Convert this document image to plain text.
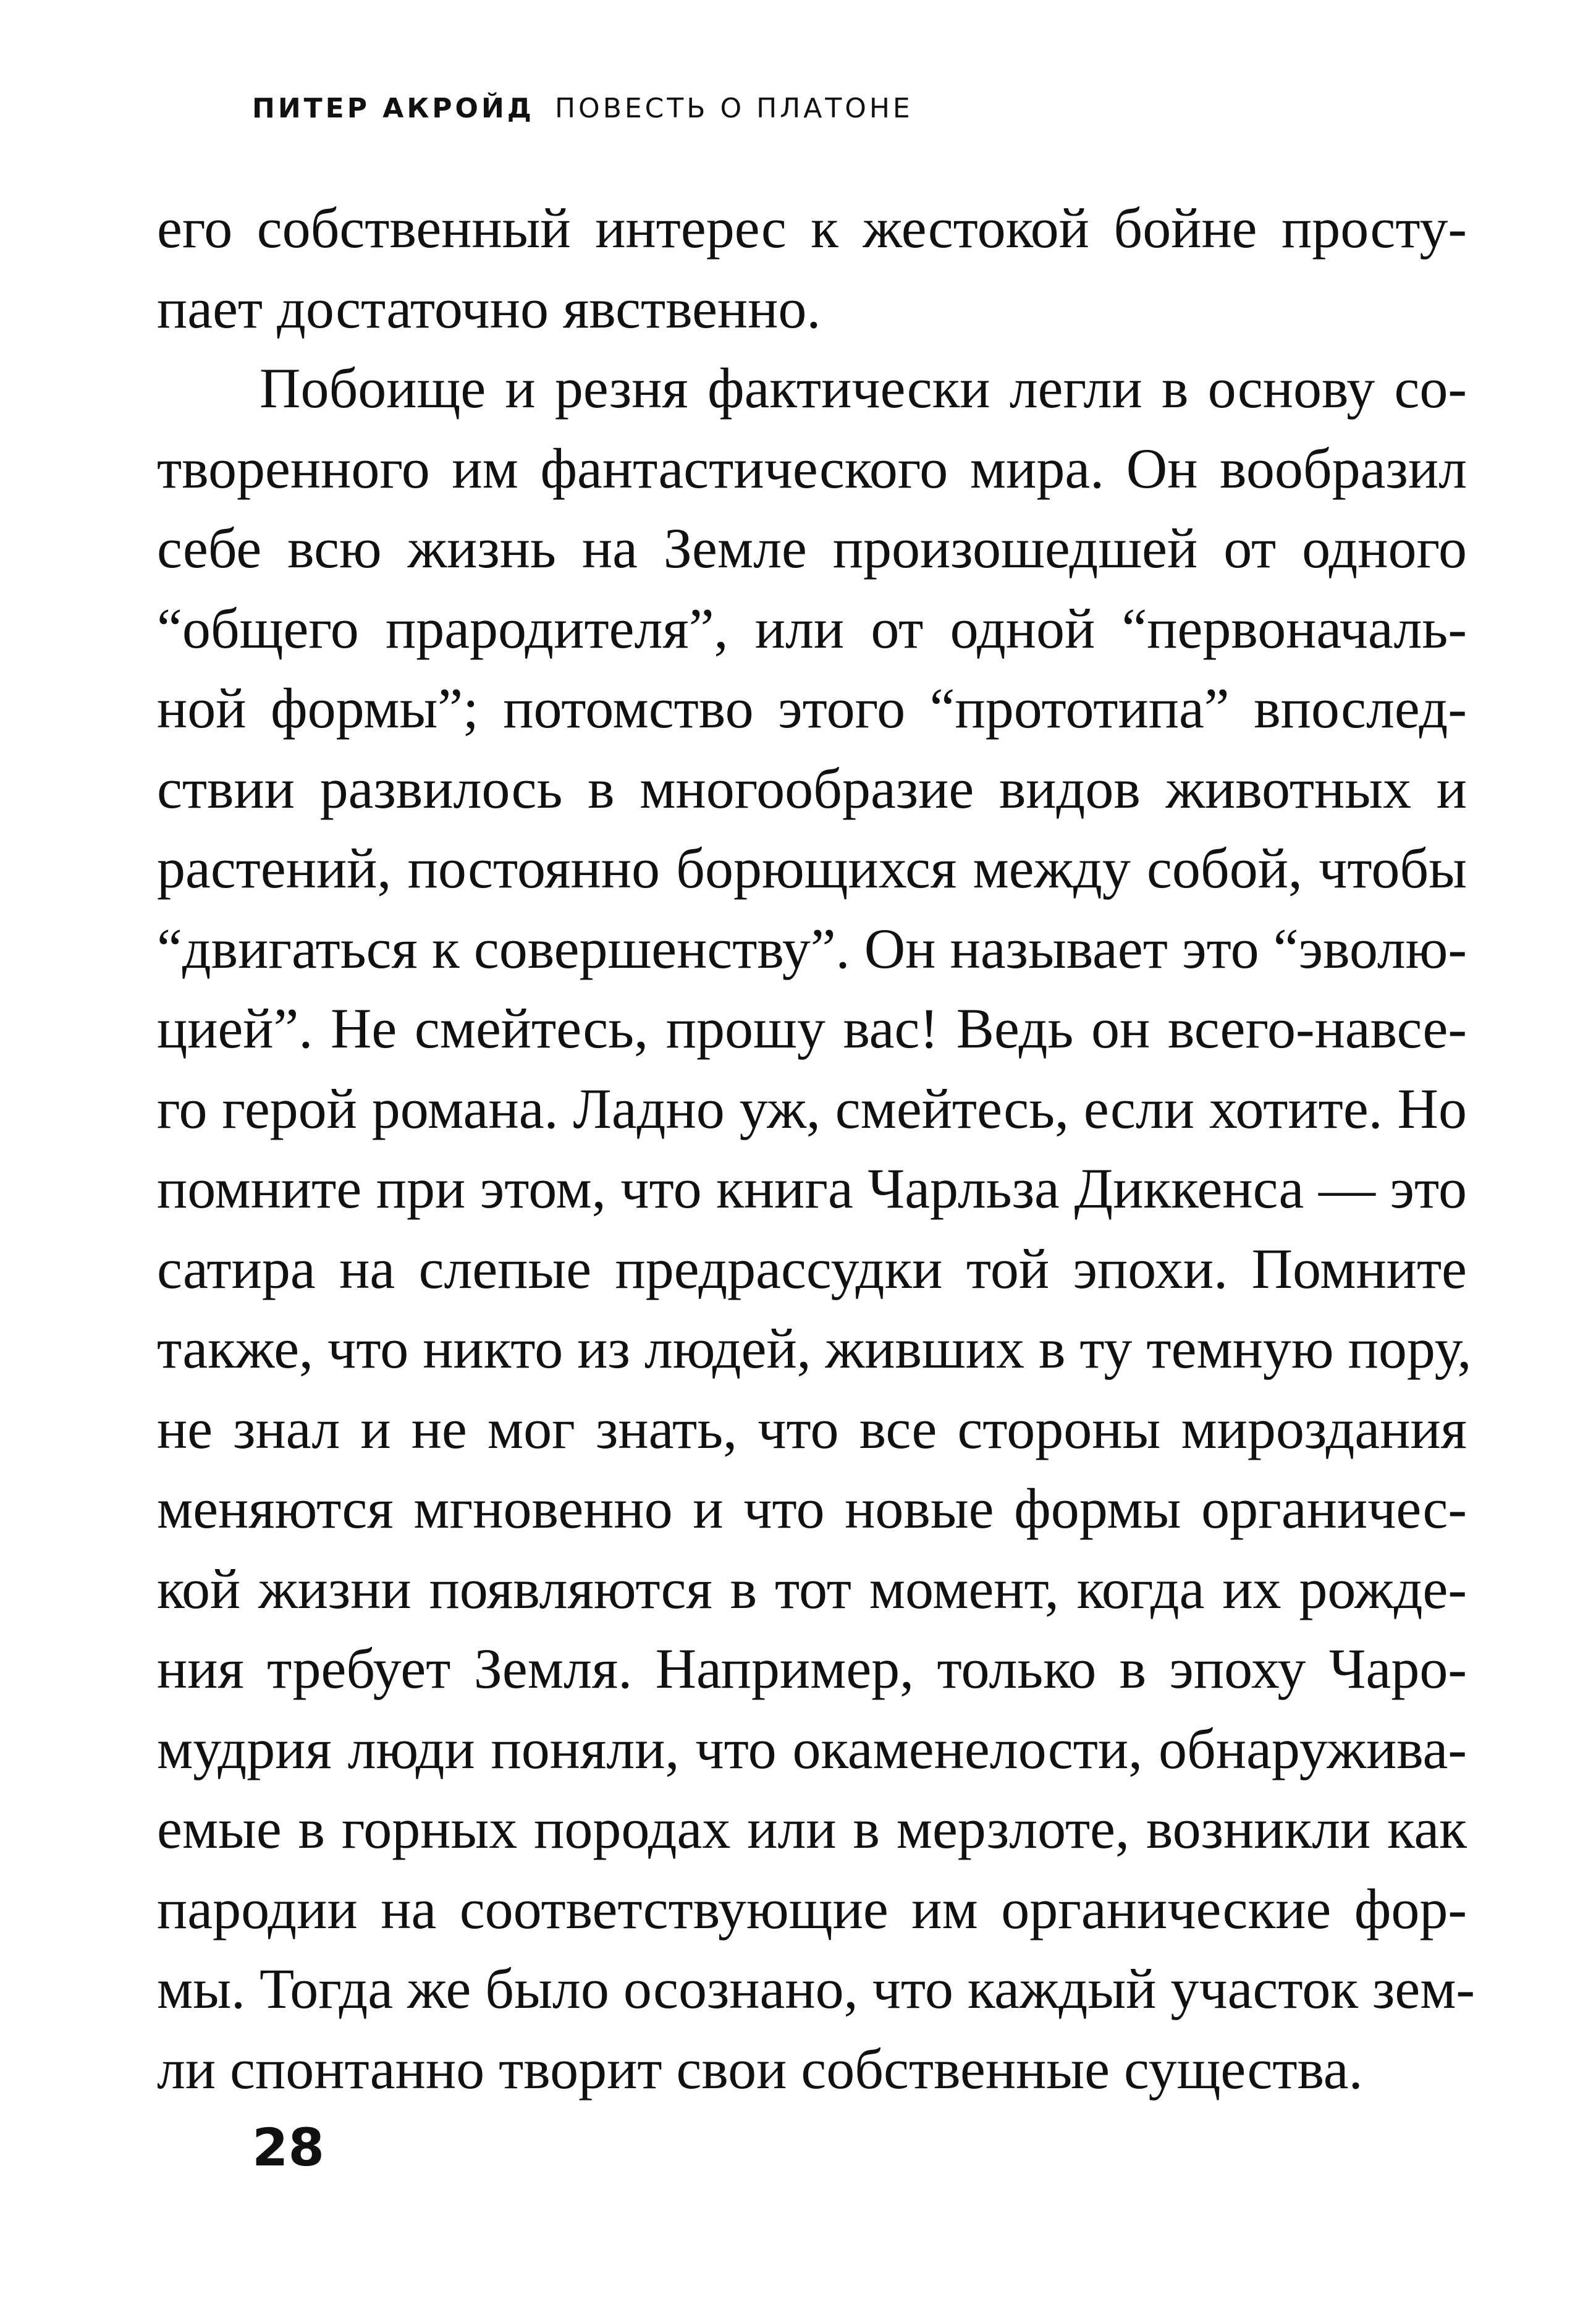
ПИТЕР АКРОЙД ПОВЕСТЬ О ПЛАТОНЕ
его собственный интерес к жестокой бойне просту-
пает достаточно явственно.
Побоище и резня фактически легли в основу со-
творенного им фантастического мира. Он вообразил
себе всю жизнь на Земле произошедшей от одного
“общего прародителя”, или от одной “первоначаль-
ной формы”; потомство этого “прототипа” впослед-
ствии развилось в многообразие видов животных и
растений, постоянно борющихся между собой, чтобы
“двигаться к совершенству”. Он называет это “эволю-
цией”. Не смейтесь, прошу вас! Ведь он всего-навсе-
го герой романа. Ладно уж, смейтесь, если хотите. Но
помните при этом, что книга Чарльза Диккенса — это
сатира на слепые предрассудки той эпохи. Помните
также, что никто из людей, живших в ту темную пору,
не знал и не мог знать, что все стороны мироздания
меняются мгновенно и что новые формы органичес-
кой жизни появляются в тот момент, когда их рожде-
ния требует Земля. Например, только в эпоху Чаро-
мудрия люди поняли, что окаменелости, обнаружива-
емые в горных породах или в мерзлоте, возникли как
пародии на соответствующие им органические фор-
мы. Тогда же было осознано, что каждый участок зем-
ли спонтанно творит свои собственные существа.
28
